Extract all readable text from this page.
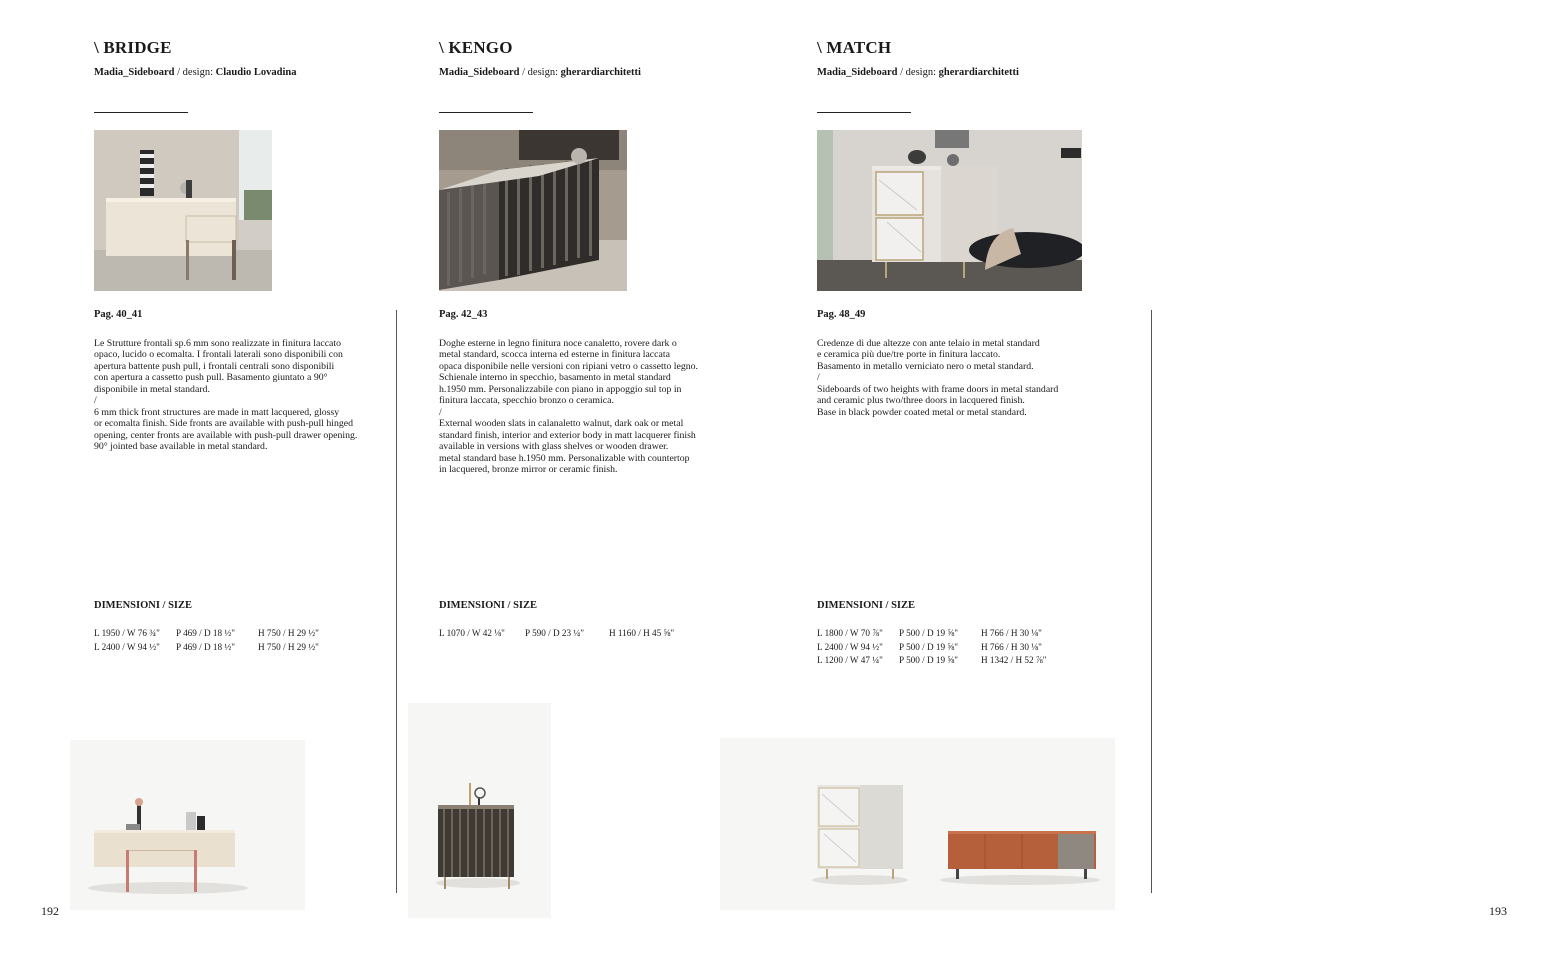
\ BRIDGE
Madia_Sideboard / design: Claudio Lovadina
Pag. 40_41
Le Strutture frontali sp.6 mm sono realizzate in finitura laccato
opaco, lucido o ecomalta. I frontali laterali sono disponibili con
apertura battente push pull, i frontali centrali sono disponibili
con apertura a cassetto push pull. Basamento giuntato a 90°
disponibile in metal standard.
/
6 mm thick front structures are made in matt lacquered, glossy
or ecomalta finish. Side fronts are available with push-pull hinged
opening, center fronts are available with push-pull drawer opening.
90° jointed base available in metal standard.
DIMENSIONI / SIZE
L 1950 / W 76 ¾" P 469 / D 18 ½" H 750 / H 29 ½"
L 2400 / W 94 ½" P 469 / D 18 ½" H 750 / H 29 ½"
\ KENGO
Madia_Sideboard / design: gherardiarchitetti
Pag. 42_43
Doghe esterne in legno finitura noce canaletto, rovere dark o
metal standard, scocca interna ed esterne in finitura laccata
opaca disponibile nelle versioni con ripiani vetro o cassetto legno.
Schienale interno in specchio, basamento in metal standard
h.1950 mm. Personalizzabile con piano in appoggio sul top in
finitura laccata, specchio bronzo o ceramica.
/
External wooden slats in calanaletto walnut, dark oak or metal
standard finish, interior and exterior body in matt lacquerer finish
available in versions with glass shelves or wooden drawer.
metal standard base h.1950 mm. Personalizable with countertop
in lacquered, bronze mirror or ceramic finish.
DIMENSIONI / SIZE
L 1070 / W 42 ⅛" P 590 / D 23 ¼"	H 1160 / H 45 ⅝"
\ MATCH
Madia_Sideboard / design: gherardiarchitetti
Pag. 48_49
Credenze di due altezze con ante telaio in metal standard
e ceramica più due/tre porte in finitura laccato.
Basamento in metallo verniciato nero o metal standard.
/
Sideboards of two heights with frame doors in metal standard
and ceramic plus two/three doors in lacquered finish.
Base in black powder coated metal or metal standard.
DIMENSIONI / SIZE
L 1800 / W 70 ⅞" P 500 / D 19 ⅝" H 766 / H 30 ⅛"
L 2400 / W 94 ½" P 500 / D 19 ⅝" H 766 / H 30 ⅛"
L 1200 / W 47 ¼" P 500 / D 19 ⅝" H 1342 / H 52 ⅞"
192	193
